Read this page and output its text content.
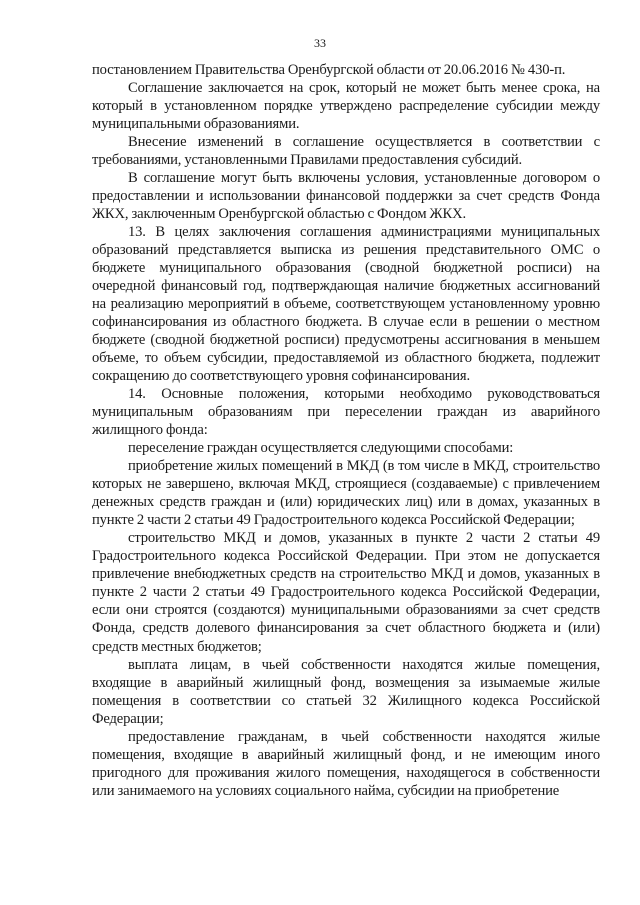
33

постановлением Правительства Оренбургской области от 20.06.2016 № 430-п.

Соглашение заключается на срок, который не может быть менее срока, на который в установленном порядке утверждено распределение субсидии между муниципальными образованиями.

Внесение изменений в соглашение осуществляется в соответствии с требованиями, установленными Правилами предоставления субсидий.

В соглашение могут быть включены условия, установленные договором о предоставлении и использовании финансовой поддержки за счет средств Фонда ЖКХ, заключенным Оренбургской областью с Фондом ЖКХ.

13. В целях заключения соглашения администрациями муниципальных образований представляется выписка из решения представительного ОМС о бюджете муниципального образования (сводной бюджетной росписи) на очередной финансовый год, подтверждающая наличие бюджетных ассигнований на реализацию мероприятий в объеме, соответствующем установленному уровню софинансирования из областного бюджета. В случае если в решении о местном бюджете (сводной бюджетной росписи) предусмотрены ассигнования в меньшем объеме, то объем субсидии, предоставляемой из областного бюджета, подлежит сокращению до соответствующего уровня софинансирования.

14. Основные положения, которыми необходимо руководствоваться муниципальным образованиям при переселении граждан из аварийного жилищного фонда:

переселение граждан осуществляется следующими способами:

приобретение жилых помещений в МКД (в том числе в МКД, строительство которых не завершено, включая МКД, строящиеся (создаваемые) с привлечением денежных средств граждан и (или) юридических лиц) или в домах, указанных в пункте 2 части 2 статьи 49 Градостроительного кодекса Российской Федерации;

строительство МКД и домов, указанных в пункте 2 части 2 статьи 49 Градостроительного кодекса Российской Федерации. При этом не допускается привлечение внебюджетных средств на строительство МКД и домов, указанных в пункте 2 части 2 статьи 49 Градостроительного кодекса Российской Федерации, если они строятся (создаются) муниципальными образованиями за счет средств Фонда, средств долевого финансирования за счет областного бюджета и (или) средств местных бюджетов;

выплата лицам, в чьей собственности находятся жилые помещения, входящие в аварийный жилищный фонд, возмещения за изымаемые жилые помещения в соответствии со статьей 32 Жилищного кодекса Российской Федерации;

предоставление гражданам, в чьей собственности находятся жилые помещения, входящие в аварийный жилищный фонд, и не имеющим иного пригодного для проживания жилого помещения, находящегося в собственности или занимаемого на условиях социального найма, субсидии на приобретение
